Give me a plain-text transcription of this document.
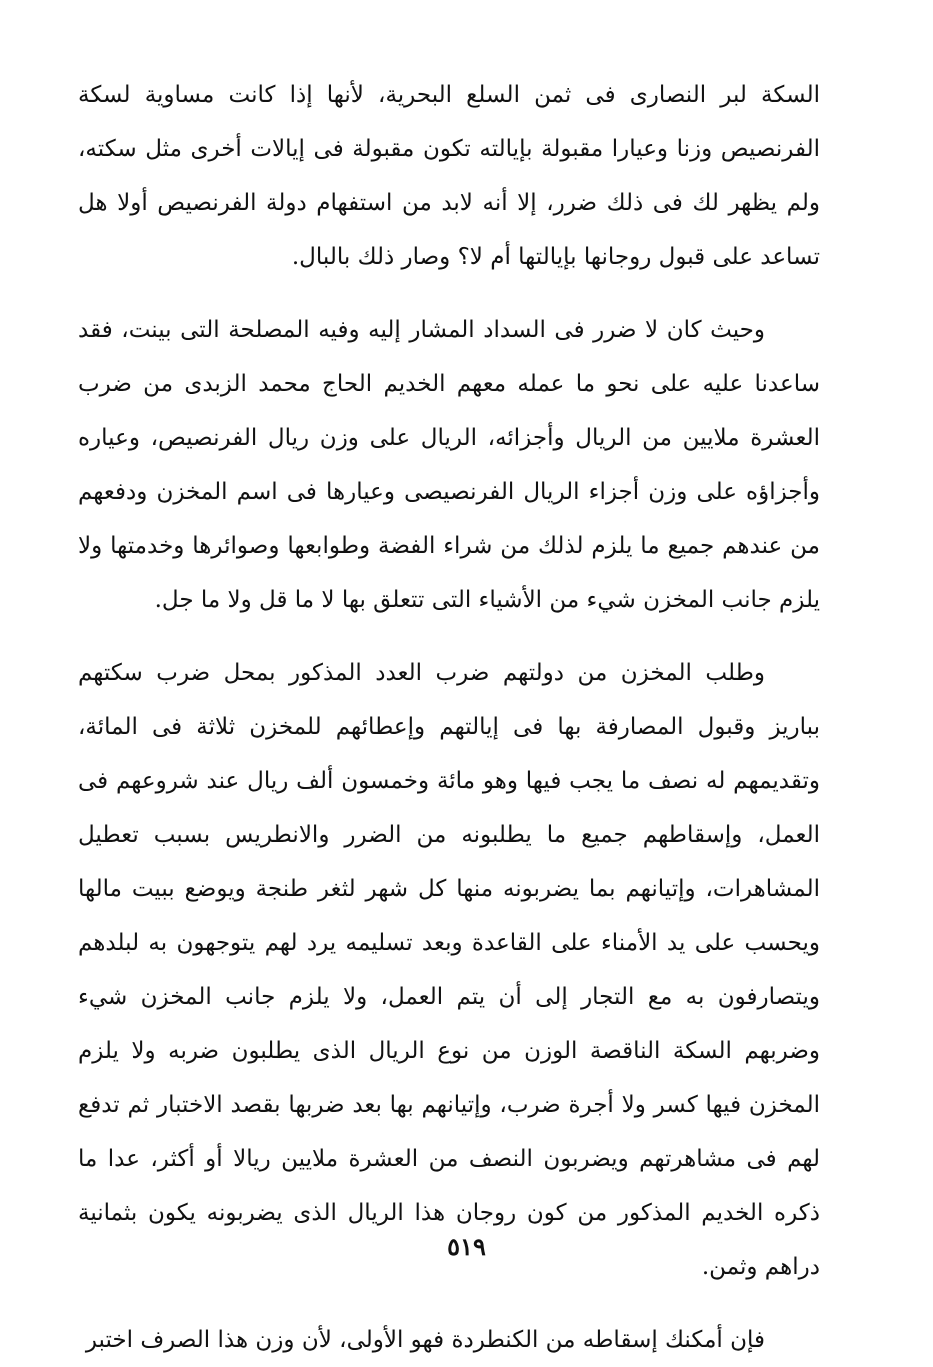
السكة لبر النصارى فى ثمن السلع البحرية، لأنها إذا كانت مساوية لسكة الفرنصيص وزنا وعيارا مقبولة بإيالته تكون مقبولة فى إيالات أخرى مثل سكته، ولم يظهر لك فى ذلك ضرر، إلا أنه لابد من استفهام دولة الفرنصيص أولا هل تساعد على قبول روجانها بإيالتها أم لا؟ وصار ذلك بالبال.

وحيث كان لا ضرر فى السداد المشار إليه وفيه المصلحة التى بينت، فقد ساعدنا عليه على نحو ما عمله معهم الخديم الحاج محمد الزبدى من ضرب العشرة ملايين من الريال وأجزائه، الريال على وزن ريال الفرنصيص، وعياره وأجزاؤه على وزن أجزاء الريال الفرنصيصى وعيارها فى اسم المخزن ودفعهم من عندهم جميع ما يلزم لذلك من شراء الفضة وطوابعها وصوائرها وخدمتها ولا يلزم جانب المخزن شيء من الأشياء التى تتعلق بها لا ما قل ولا ما جل.

وطلب المخزن من دولتهم ضرب العدد المذكور بمحل ضرب سكتهم بباريز وقبول المصارفة بها فى إيالتهم وإعطائهم للمخزن ثلاثة فى المائة، وتقديمهم له نصف ما يجب فيها وهو مائة وخمسون ألف ريال عند شروعهم فى العمل، وإسقاطهم جميع ما يطلبونه من الضرر والانطريس بسبب تعطيل المشاهرات، وإتيانهم بما يضربونه منها كل شهر لثغر طنجة ويوضع ببيت مالها ويحسب على يد الأمناء على القاعدة وبعد تسليمه يرد لهم يتوجهون به لبلدهم ويتصارفون به مع التجار إلى أن يتم العمل، ولا يلزم جانب المخزن شيء وضربهم السكة الناقصة الوزن من نوع الريال الذى يطلبون ضربه ولا يلزم المخزن فيها كسر ولا أجرة ضرب، وإتيانهم بها بعد ضربها بقصد الاختبار ثم تدفع لهم فى مشاهرتهم ويضربون النصف من العشرة ملايين ريالا أو أكثر، عدا ما ذكره الخديم المذكور من كون روجان هذا الريال الذى يضربونه يكون بثمانية دراهم وثمن.

فإن أمكنك إسقاطه من الكنطردة فهو الأولى، لأن وزن هذا الصرف اختبر

٥١٩
